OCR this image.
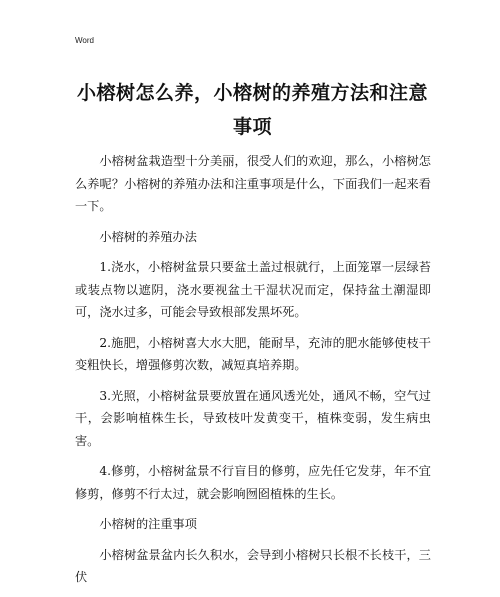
Word
小榕树怎么养，小榕树的养殖方法和注意事项

小榕树盆栽造型十分美丽，很受人们的欢迎，那么，小榕树怎么养呢？小榕树的养殖办法和注重事项是什么，下面我们一起来看一下。

小榕树的养殖办法

1.浇水，小榕树盆景只要盆土盖过根就行，上面笼罩一层绿苔或装点物以遮阴，浇水要视盆土干湿状况而定，保持盆土潮湿即可，浇水过多，可能会导致根部发黑坏死。

2.施肥，小榕树喜大水大肥，能耐旱，充沛的肥水能够使枝干变粗快长，增强修剪次数，减短真培养期。

3.光照，小榕树盆景要放置在通风透光处，通风不畅，空气过干，会影响植株生长，导致枝叶发黄变干，植株变弱，发生病虫害。

4.修剪，小榕树盆景不行盲目的修剪，应先任它发芽，年不宜修剪，修剪不行太过，就会影响囫囵植株的生长。

小榕树的注重事项

小榕树盆景盆内长久积水，会导到小榕树只长根不长枝干，三伏
